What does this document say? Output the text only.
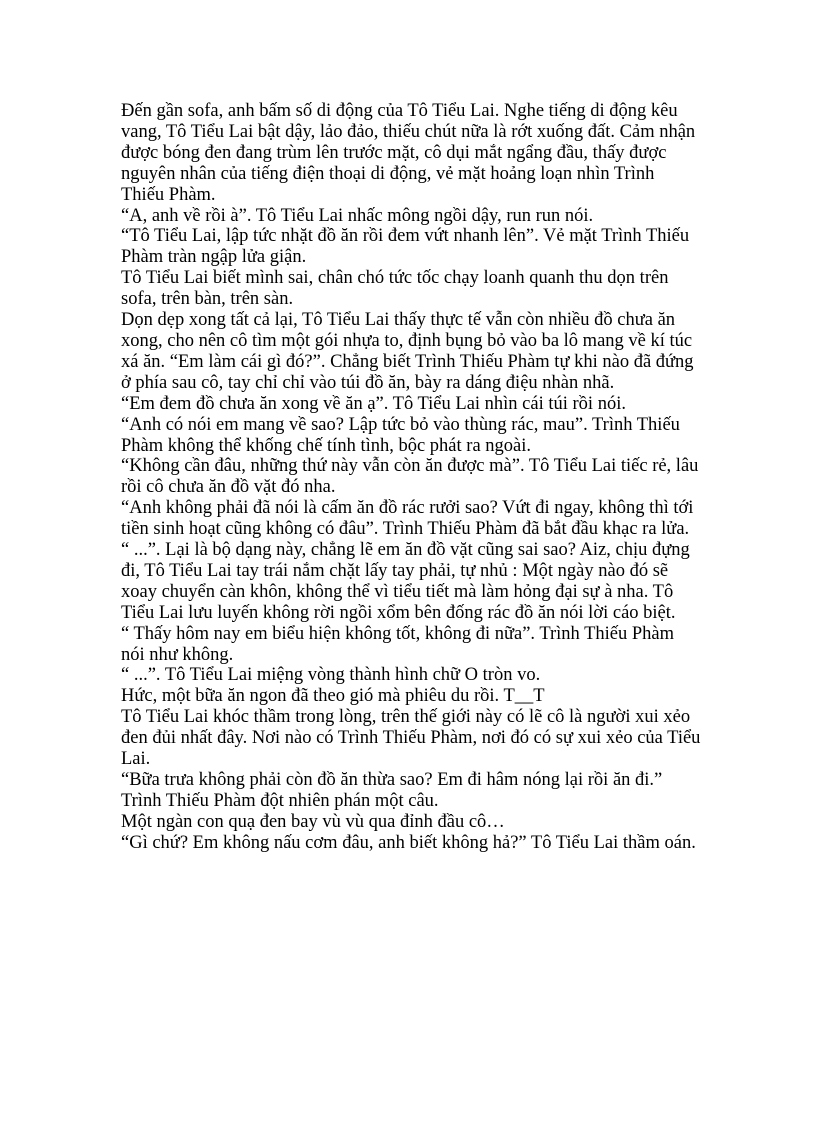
Đến gần sofa, anh bấm số di động của Tô Tiểu Lai. Nghe tiếng di động kêu vang, Tô Tiểu Lai bật dậy, lảo đảo, thiếu chút nữa là rớt xuống đất. Cảm nhận được bóng đen đang trùm lên trước mặt, cô dụi mắt ngẩng đầu, thấy được nguyên nhân của tiếng điện thoại di động, vẻ mặt hoảng loạn nhìn Trình Thiếu Phàm.

“A, anh về rồi à”. Tô Tiểu Lai nhấc mông ngồi dậy, run run nói.

“Tô Tiểu Lai, lập tức nhặt đồ ăn rồi đem vứt nhanh lên”. Vẻ mặt Trình Thiếu Phàm tràn ngập lửa giận.

Tô Tiểu Lai biết mình sai, chân chó tức tốc chạy loanh quanh thu dọn trên sofa, trên bàn, trên sàn.

Dọn dẹp xong tất cả lại, Tô Tiểu Lai thấy thực tế vẫn còn nhiều đồ chưa ăn xong, cho nên cô tìm một gói nhựa to, định bụng bỏ vào ba lô mang về kí túc xá ăn. “Em làm cái gì đó?”. Chẳng biết Trình Thiếu Phàm tự khi nào đã đứng ở phía sau cô, tay chỉ chỉ vào túi đồ ăn, bày ra dáng điệu nhàn nhã.

“Em đem đồ chưa ăn xong về ăn ạ”. Tô Tiểu Lai nhìn cái túi rồi nói.

“Anh có nói em mang về sao? Lập tức bỏ vào thùng rác, mau”. Trình Thiếu Phàm không thể khống chế tính tình, bộc phát ra ngoài.

“Không cần đâu, những thứ này vẫn còn ăn được mà”. Tô Tiểu Lai tiếc rẻ, lâu rồi cô chưa ăn đồ vặt đó nha.

“Anh không phải đã nói là cấm ăn đồ rác rưởi sao? Vứt đi ngay, không thì tới tiền sinh hoạt cũng không có đâu”. Trình Thiếu Phàm đã bắt đầu khạc ra lửa.

“ ...”. Lại là bộ dạng này, chẳng lẽ em ăn đồ vặt cũng sai sao? Aiz, chịu đựng đi, Tô Tiểu Lai tay trái nắm chặt lấy tay phải, tự nhủ : Một ngày nào đó sẽ xoay chuyển càn khôn, không thể vì tiểu tiết mà làm hỏng đại sự à nha. Tô Tiểu Lai lưu luyến không rời ngồi xổm bên đống rác đồ ăn nói lời cáo biệt.

“ Thấy hôm nay em biểu hiện không tốt, không đi nữa”. Trình Thiếu Phàm nói như không.

“ ...”. Tô Tiểu Lai miệng vòng thành hình chữ O tròn vo.

Hức, một bữa ăn ngon đã theo gió mà phiêu du rồi. T__T

Tô Tiểu Lai khóc thầm trong lòng, trên thế giới này có lẽ cô là người xui xẻo đen đủi nhất đây. Nơi nào có Trình Thiếu Phàm, nơi đó có sự xui xẻo của Tiểu Lai.

“Bữa trưa không phải còn đồ ăn thừa sao? Em đi hâm nóng lại rồi ăn đi.” Trình Thiếu Phàm đột nhiên phán một câu.

Một ngàn con quạ đen bay vù vù qua đỉnh đầu cô…

“Gì chứ? Em không nấu cơm đâu, anh biết không hả?” Tô Tiểu Lai thầm oán.
